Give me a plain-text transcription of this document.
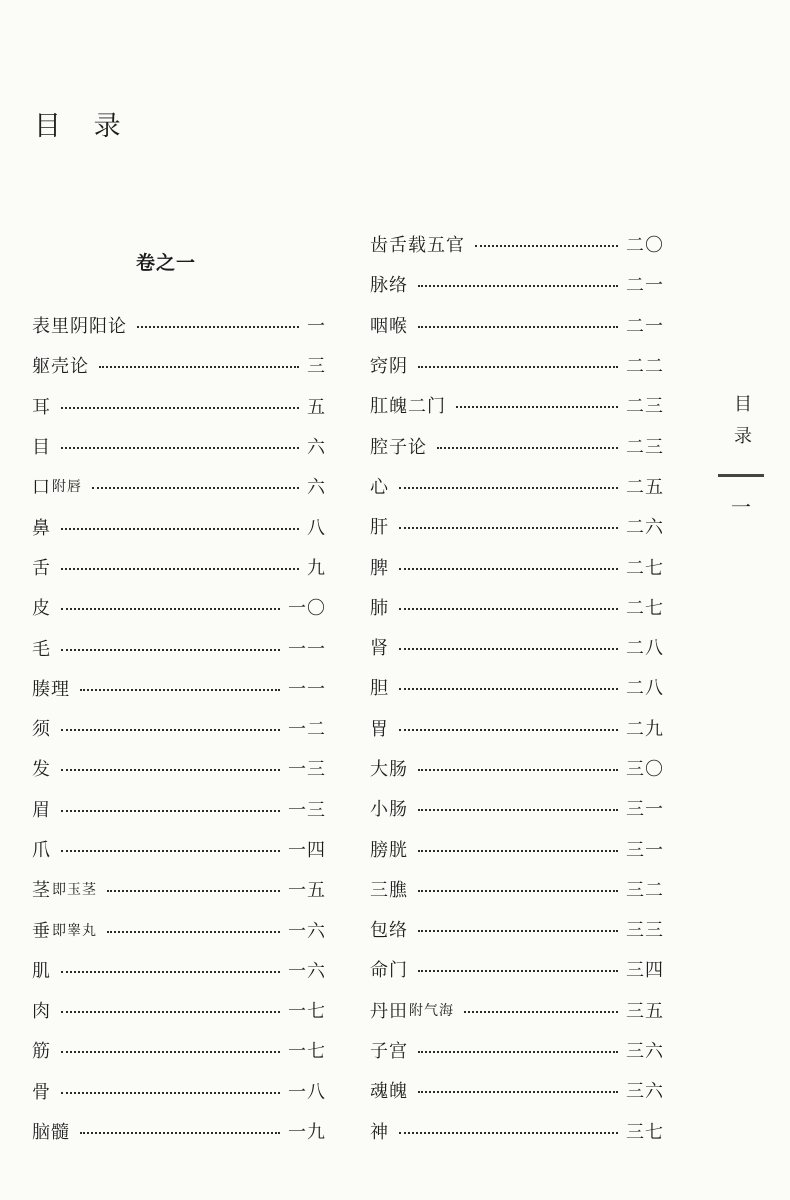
目 录
卷之一
表里阴阳论	一
躯壳论	三
耳	五
目	六
口 附唇	六
鼻	八
舌	九
皮	一〇
毛	一一
腠理	一一
须	一二
发	一三
眉	一三
爪	一四
茎 即玉茎	一五
垂 即睾丸	一六
肌	一六
肉	一七
筋	一七
骨	一八
脑髓	一九
齿舌载五官	二〇
脉络	二一
咽喉	二一
窍阴	二二
肛魄二门	二三
腔子论	二三
心	二五
肝	二六
脾	二七
肺	二七
肾	二八
胆	二八
胃	二九
大肠	三〇
小肠	三一
膀胱	三一
三膲	三二
包络	三三
命门	三四
丹田 附气海	三五
子宫	三六
魂魄	三六
神	三七
目录
一
